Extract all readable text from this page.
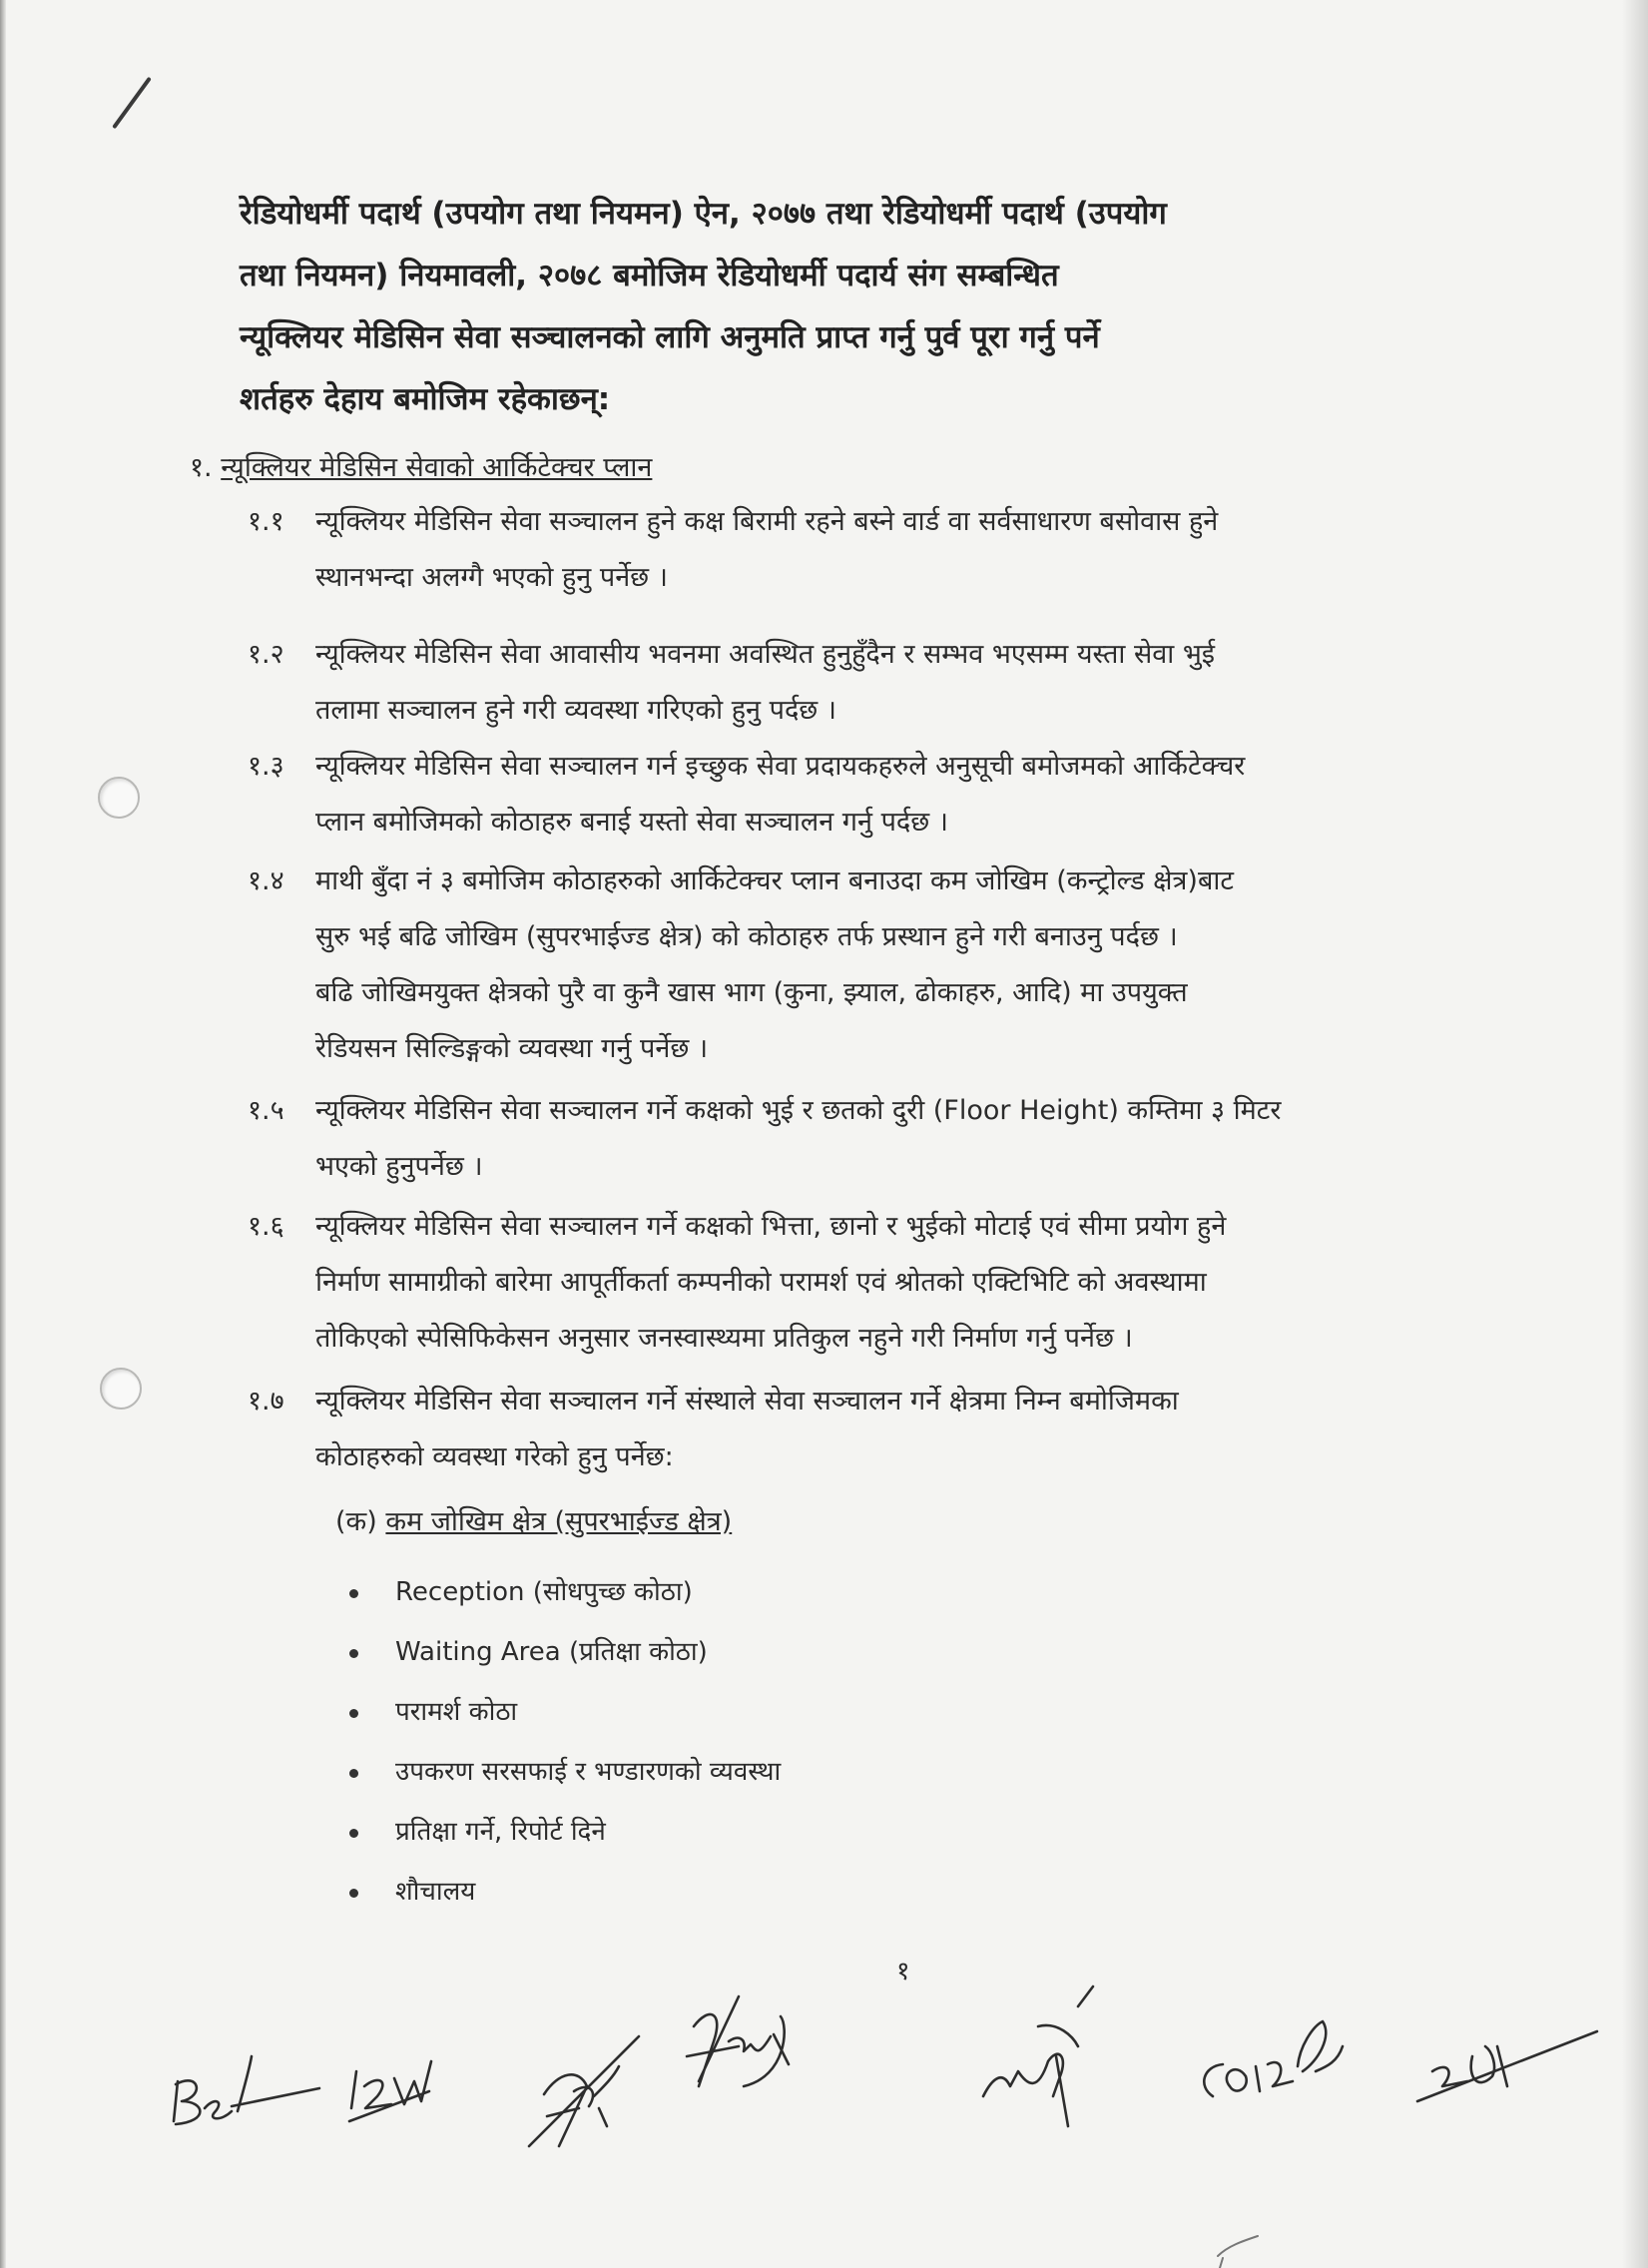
रेडियोधर्मी पदार्थ (उपयोग तथा नियमन) ऐन, २०७७ तथा रेडियोधर्मी पदार्थ (उपयोग

तथा नियमन) नियमावली, २०७८ बमोजिम रेडियोधर्मी पदार्य संग सम्बन्धित

न्यूक्लियर मेडिसिन सेवा सञ्चालनको लागि अनुमति प्राप्त गर्नु पुर्व पूरा गर्नु पर्ने

शर्तहरु देहाय बमोजिम रहेकाछन्:

१. न्यूक्लियर मेडिसिन सेवाको आर्किटेक्चर प्लान
१.१	न्यूक्लियर मेडिसिन सेवा सञ्चालन हुने कक्ष बिरामी रहने बस्ने वार्ड वा सर्वसाधारण बसोवास हुने

स्थानभन्दा अलग्गै भएको हुनु पर्नेछ ।

१.२	न्यूक्लियर मेडिसिन सेवा आवासीय भवनमा अवस्थित हुनुहुँदैन र सम्भव भएसम्म यस्ता सेवा भुई

तलामा सञ्चालन हुने गरी व्यवस्था गरिएको हुनु पर्दछ ।

१.३	न्यूक्लियर मेडिसिन सेवा सञ्चालन गर्न इच्छुक सेवा प्रदायकहरुले अनुसूची बमोजमको आर्किटेक्चर

प्लान बमोजिमको कोठाहरु बनाई यस्तो सेवा सञ्चालन गर्नु पर्दछ ।

१.४	माथी बुँदा नं ३ बमोजिम कोठाहरुको आर्किटेक्चर प्लान बनाउदा कम जोखिम (कन्ट्रोल्ड क्षेत्र)बाट

सुरु भई बढि जोखिम (सुपरभाईज्ड क्षेत्र) को कोठाहरु तर्फ प्रस्थान हुने गरी बनाउनु पर्दछ ।

बढि जोखिमयुक्त क्षेत्रको पुरै वा कुनै खास भाग (कुना, झ्याल, ढोकाहरु, आदि) मा उपयुक्त

रेडियसन सिल्डिङ्गको व्यवस्था गर्नु पर्नेछ ।

१.५	न्यूक्लियर मेडिसिन सेवा सञ्चालन गर्ने कक्षको भुई र छतको दुरी (Floor Height) कम्तिमा ३ मिटर

भएको हुनुपर्नेछ ।

१.६	न्यूक्लियर मेडिसिन सेवा सञ्चालन गर्ने कक्षको भित्ता, छानो र भुईको मोटाई एवं सीमा प्रयोग हुने

निर्माण सामाग्रीको बारेमा आपूर्तीकर्ता कम्पनीको परामर्श एवं श्रोतको एक्टिभिटि को अवस्थामा

तोकिएको स्पेसिफिकेसन अनुसार जनस्वास्थ्यमा प्रतिकुल नहुने गरी निर्माण गर्नु पर्नेछ ।

१.७	न्यूक्लियर मेडिसिन सेवा सञ्चालन गर्ने संस्थाले सेवा सञ्चालन गर्ने क्षेत्रमा निम्न बमोजिमका

कोठाहरुको व्यवस्था गरेको हुनु पर्नेछ:

(क) कम जोखिम क्षेत्र (सुपरभाईज्ड क्षेत्र)
Reception (सोधपुच्छ कोठा)
Waiting Area (प्रतिक्षा कोठा)
परामर्श कोठा
उपकरण सरसफाई र भण्डारणको व्यवस्था
प्रतिक्षा गर्ने, रिपोर्ट दिने
शौचालय
१
